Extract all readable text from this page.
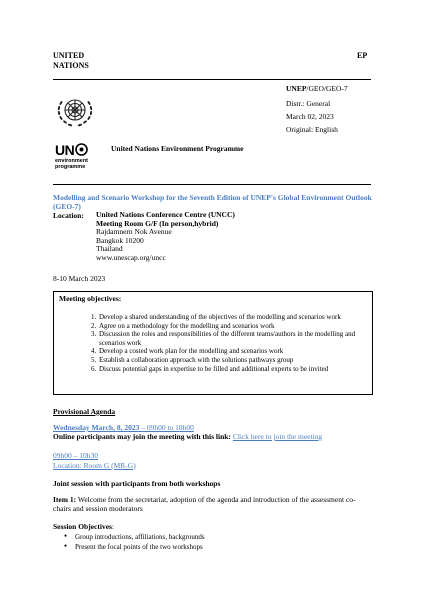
UNITED
NATIONS
EP
UNEP/GEO/GEO-7
Distr.: General
March 02, 2023
Original: English
UN
environment
programme
United Nations Environment Programme
Modelling and Scenario Workshop for the Seventh Edition of UNEP's Global Environment Outlook (GEO-7)
Location: United Nations Conference Centre (UNCC)
Meeting Room G/F (In person,hybrid)
Rajdamnern Nok Avenue
Bangkok 10200
Thailand
www.unescap.org/uncc
8-10 March 2023
Meeting objectives:
1. Develop a shared understanding of the objectives of the modelling and scenarios work
2. Agree on a methodology for the modelling and scenarios work
3. Discussion the roles and responsibilities of the different teams/authors in the modelling and scenarios work
4. Develop a costed work plan for the modelling and scenarios work
5. Establish a collaboration approach with the solutions pathways group
6. Discuss potential gaps in expertise to be filled and additional experts to be invited
Provisional Agenda
Wednesday March, 8, 2023 – 09h00 to 18h00
Online participants may join the meeting with this link: Click here to join the meeting
09h00 – 10h30
Location: Room G (MR-G)
Joint session with participants from both workshops
Item 1: Welcome from the secretariat, adoption of the agenda and introduction of the assessment co-chairs and session moderators
Session Objectives:
● Group introductions, affiliations, backgrounds
● Present the focal points of the two workshops
